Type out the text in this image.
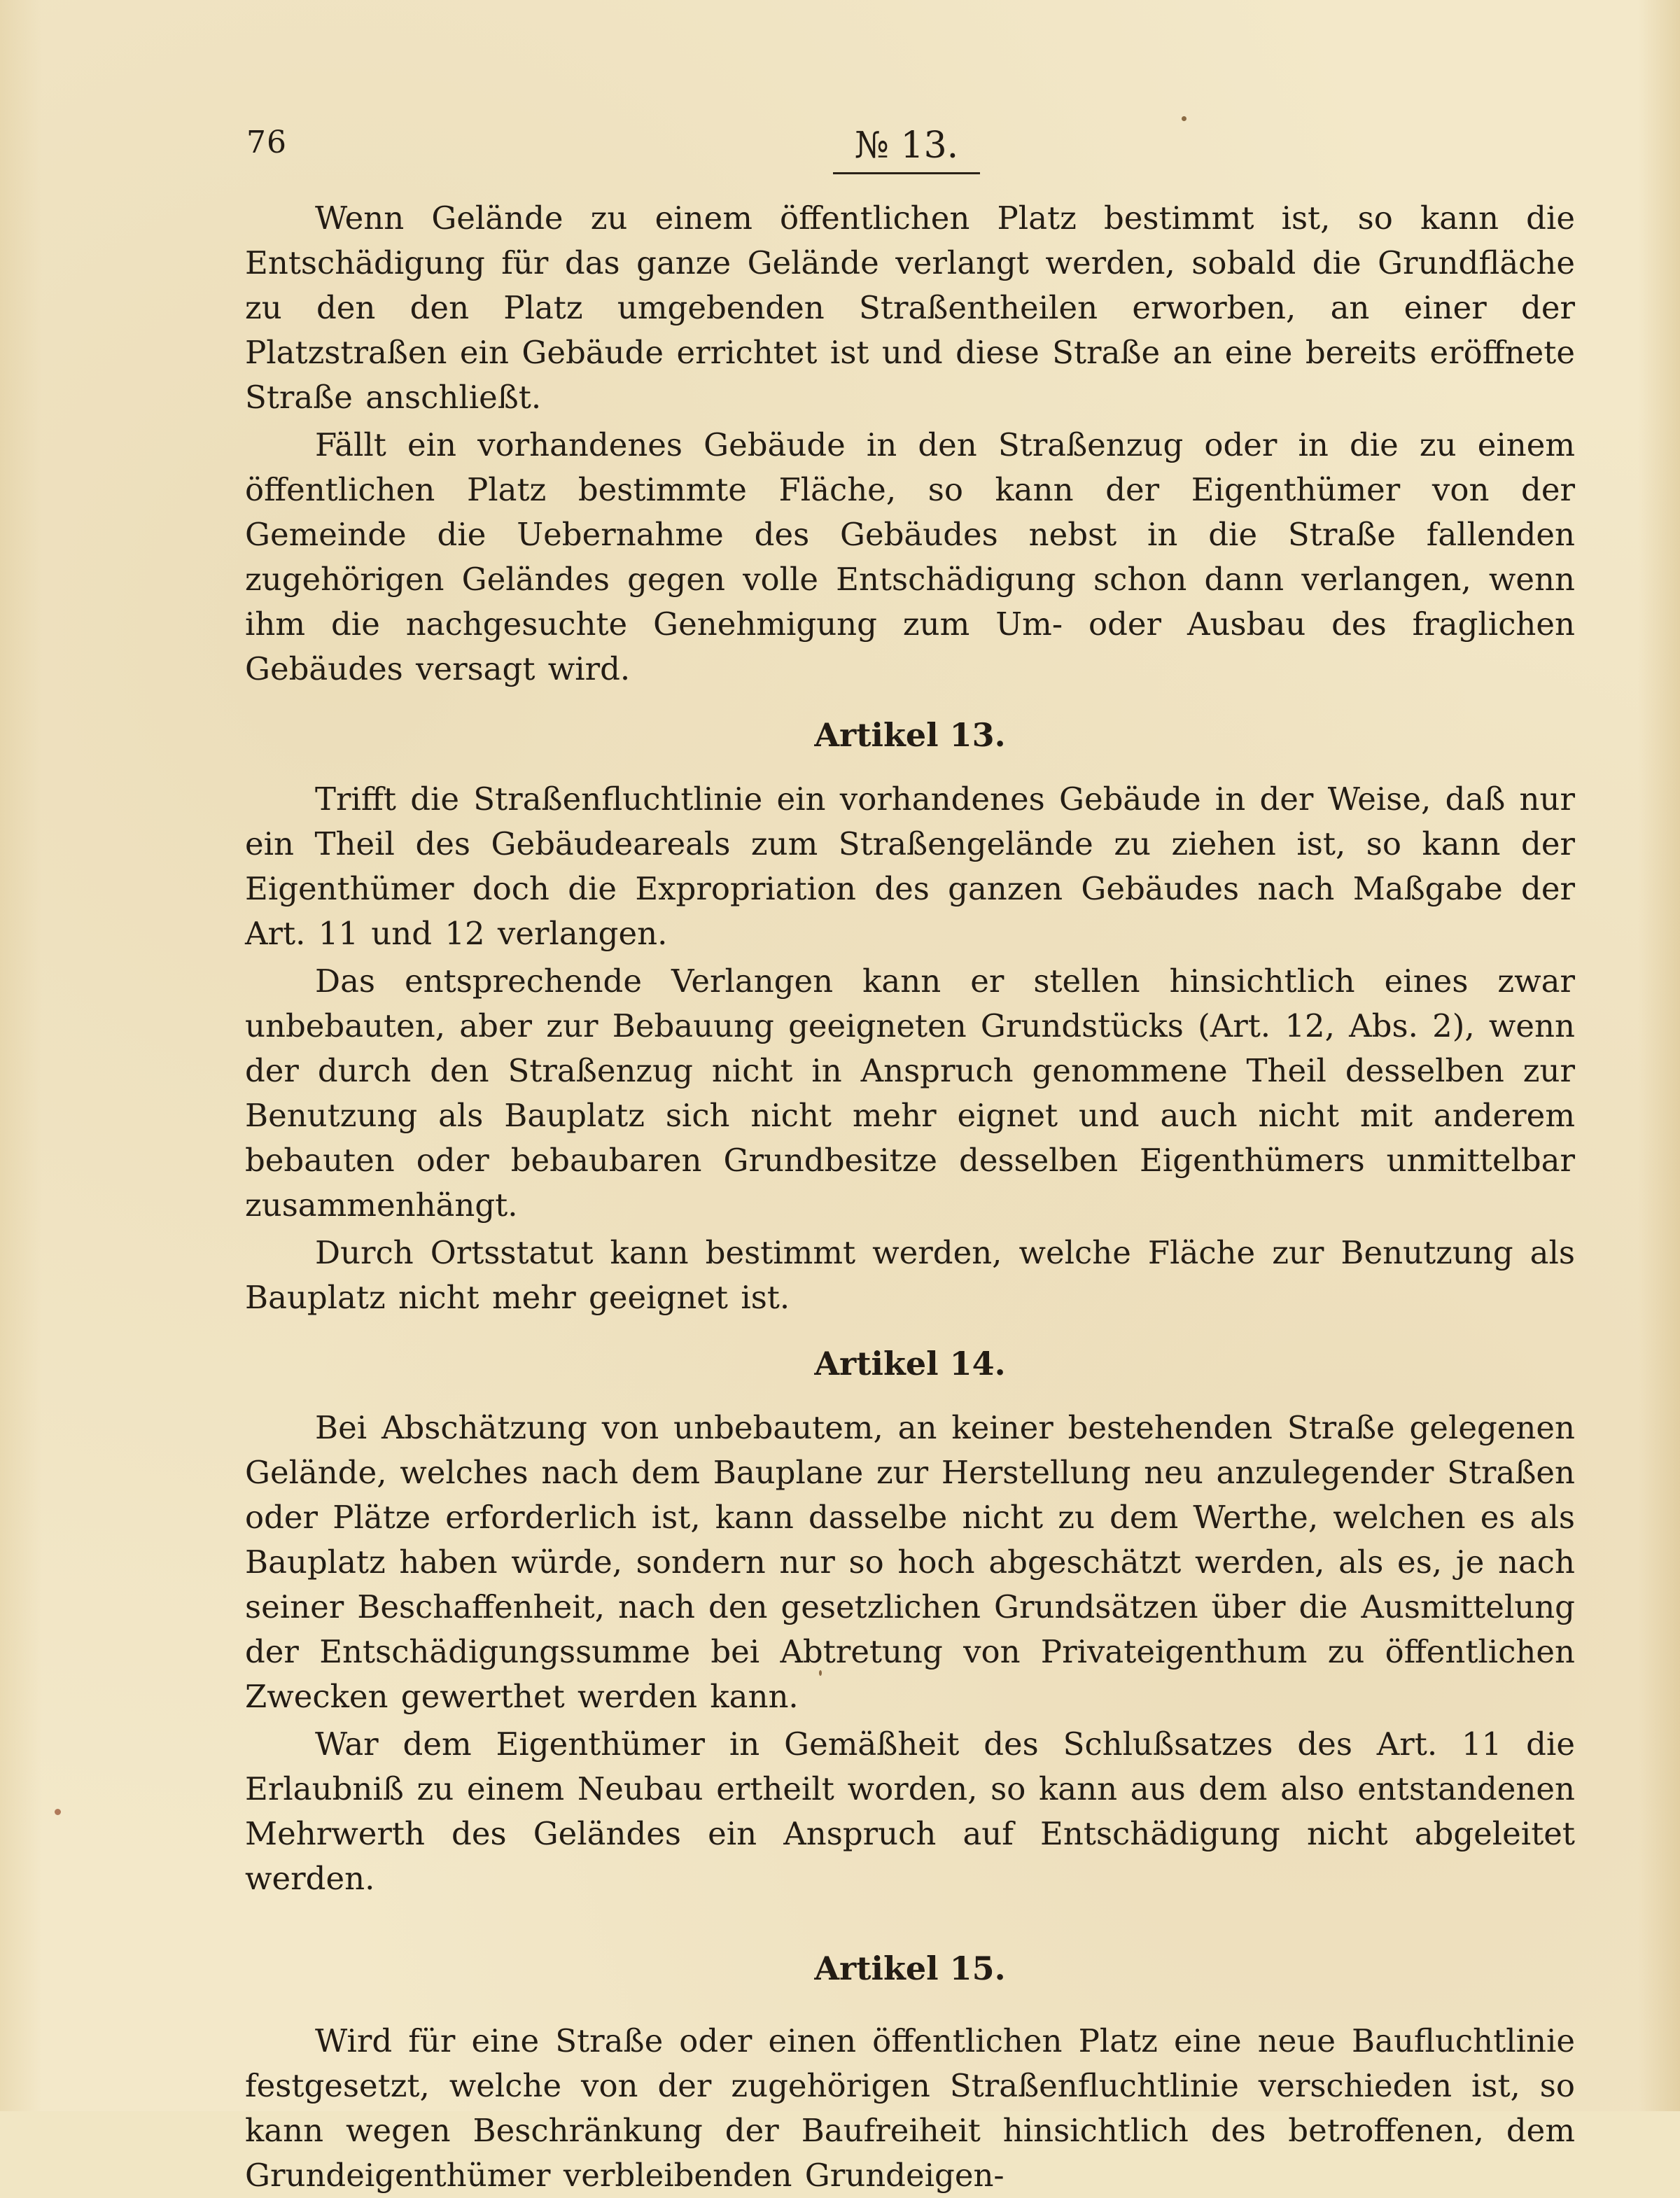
76	№ 13.

Wenn Gelände zu einem öffentlichen Platz bestimmt ist, so kann die Entschädigung für das ganze Gelände verlangt werden, sobald die Grundfläche zu den den Platz umgebenden Straßentheilen erworben, an einer der Platzstraßen ein Gebäude errichtet ist und diese Straße an eine bereits eröffnete Straße anschließt.

Fällt ein vorhandenes Gebäude in den Straßenzug oder in die zu einem öffentlichen Platz bestimmte Fläche, so kann der Eigenthümer von der Gemeinde die Uebernahme des Gebäudes nebst in die Straße fallenden zugehörigen Geländes gegen volle Entschädigung schon dann verlangen, wenn ihm die nachgesuchte Genehmigung zum Um- oder Ausbau des fraglichen Gebäudes versagt wird.

Artikel 13.

Trifft die Straßenfluchtlinie ein vorhandenes Gebäude in der Weise, daß nur ein Theil des Gebäudeareals zum Straßengelände zu ziehen ist, so kann der Eigenthümer doch die Expropriation des ganzen Gebäudes nach Maßgabe der Art. 11 und 12 verlangen.

Das entsprechende Verlangen kann er stellen hinsichtlich eines zwar unbebauten, aber zur Bebauung geeigneten Grundstücks (Art. 12, Abs. 2), wenn der durch den Straßenzug nicht in Anspruch genommene Theil desselben zur Benutzung als Bauplatz sich nicht mehr eignet und auch nicht mit anderem bebauten oder bebaubaren Grundbesitze desselben Eigenthümers unmittelbar zusammenhängt.

Durch Ortsstatut kann bestimmt werden, welche Fläche zur Benutzung als Bauplatz nicht mehr geeignet ist.

Artikel 14.

Bei Abschätzung von unbebautem, an keiner bestehenden Straße gelegenen Gelände, welches nach dem Bauplane zur Herstellung neu anzulegender Straßen oder Plätze erforderlich ist, kann dasselbe nicht zu dem Werthe, welchen es als Bauplatz haben würde, sondern nur so hoch abgeschätzt werden, als es, je nach seiner Beschaffenheit, nach den gesetzlichen Grundsätzen über die Ausmittelung der Entschädigungssumme bei Abtretung von Privateigenthum zu öffentlichen Zwecken gewerthet werden kann.

War dem Eigenthümer in Gemäßheit des Schlußsatzes des Art. 11 die Erlaubniß zu einem Neubau ertheilt worden, so kann aus dem also entstandenen Mehrwerth des Geländes ein Anspruch auf Entschädigung nicht abgeleitet werden.

Artikel 15.

Wird für eine Straße oder einen öffentlichen Platz eine neue Baufluchtlinie festgesetzt, welche von der zugehörigen Straßenfluchtlinie verschieden ist, so kann wegen Beschränkung der Baufreiheit hinsichtlich des betroffenen, dem Grundeigenthümer verbleibenden Grundeigen-
